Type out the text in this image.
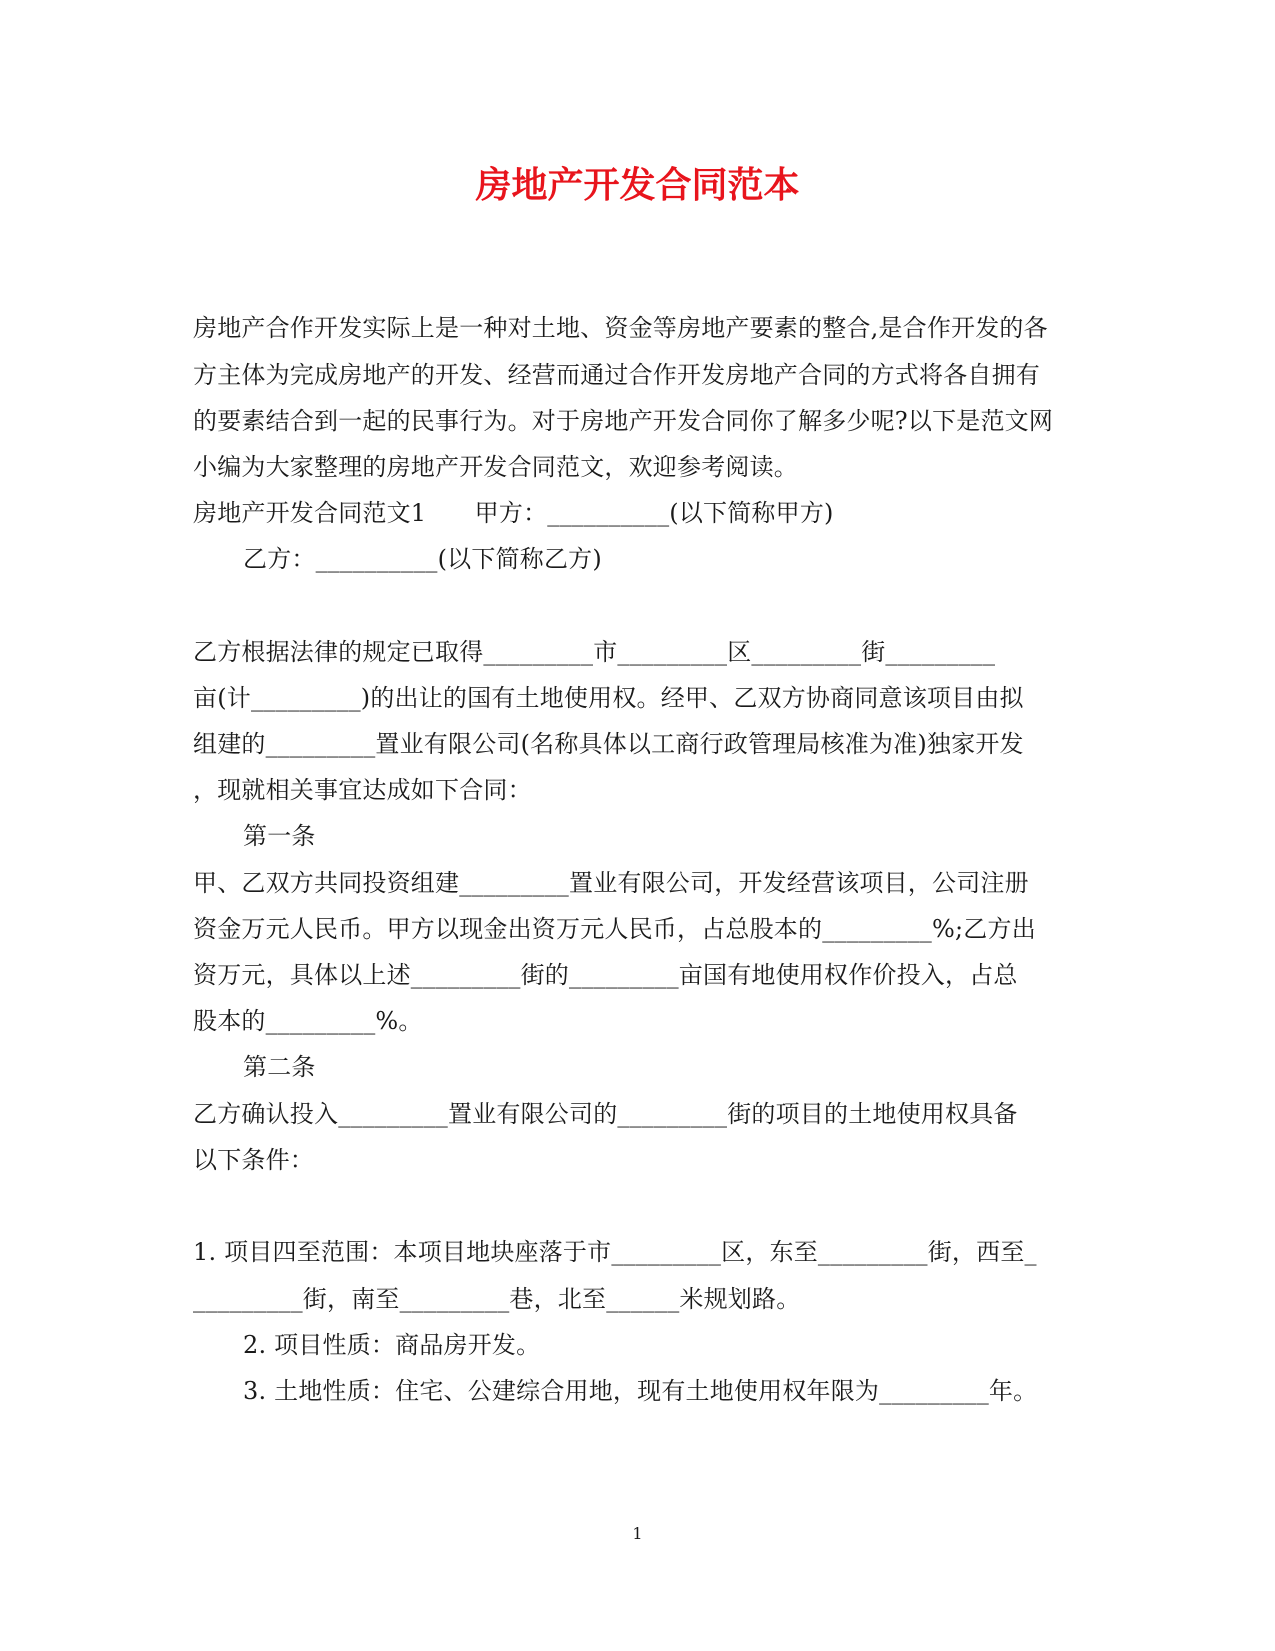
房地产开发合同范本
房地产合作开发实际上是一种对土地、资金等房地产要素的整合,是合作开发的各
方主体为完成房地产的开发、经营而通过合作开发房地产合同的方式将各自拥有
的要素结合到一起的民事行为。对于房地产开发合同你了解多少呢?以下是范文网
小编为大家整理的房地产开发合同范文，欢迎参考阅读。
房地产开发合同范文1　　甲方：__________(以下简称甲方)
乙方：__________(以下简称乙方)
乙方根据法律的规定已取得_________市_________区_________街_________
亩(计_________)的出让的国有土地使用权。经甲、乙双方协商同意该项目由拟
组建的_________置业有限公司(名称具体以工商行政管理局核准为准)独家开发
，现就相关事宜达成如下合同：
第一条
甲、乙双方共同投资组建_________置业有限公司，开发经营该项目，公司注册
资金万元人民币。甲方以现金出资万元人民币，占总股本的_________%;乙方出
资万元，具体以上述_________街的_________亩国有地使用权作价投入，占总
股本的_________%。
第二条
乙方确认投入_________置业有限公司的_________街的项目的土地使用权具备
以下条件：
1. 项目四至范围：本项目地块座落于市_________区，东至_________街，西至_
_________街，南至_________巷，北至______米规划路。
2. 项目性质：商品房开发。
3. 土地性质：住宅、公建综合用地，现有土地使用权年限为_________年。
1
